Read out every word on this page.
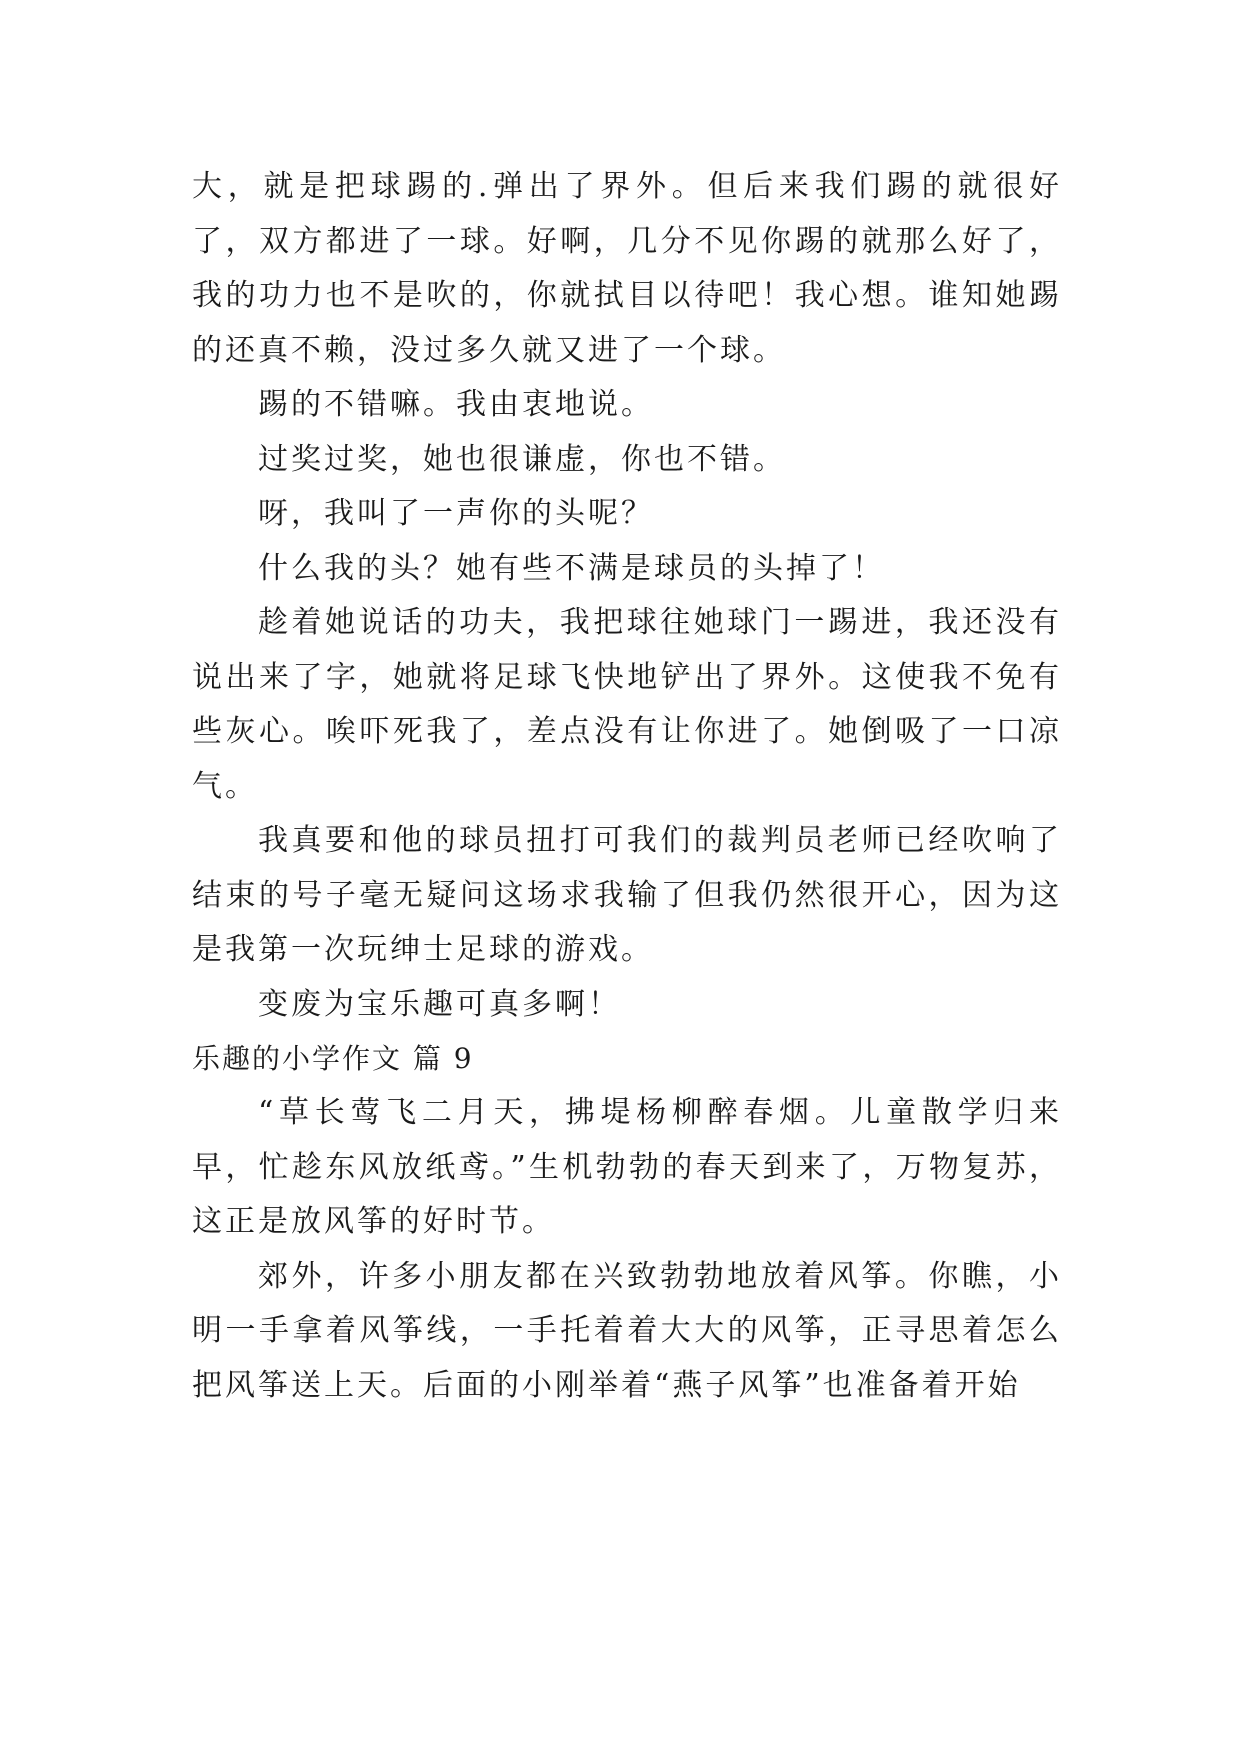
大，就是把球踢的.弹出了界外。但后来我们踢的就很好了，双方都进了一球。好啊，几分不见你踢的就那么好了，我的功力也不是吹的，你就拭目以待吧！我心想。谁知她踢的还真不赖，没过多久就又进了一个球。

踢的不错嘛。我由衷地说。

过奖过奖，她也很谦虚，你也不错。

呀，我叫了一声你的头呢？

什么我的头？她有些不满是球员的头掉了！

趁着她说话的功夫，我把球往她球门一踢进，我还没有说出来了字，她就将足球飞快地铲出了界外。这使我不免有些灰心。唉吓死我了，差点没有让你进了。她倒吸了一口凉气。

我真要和他的球员扭打可我们的裁判员老师已经吹响了结束的号子毫无疑问这场求我输了但我仍然很开心，因为这是我第一次玩绅士足球的游戏。

变废为宝乐趣可真多啊！

乐趣的小学作文 篇 9

“草长莺飞二月天，拂堤杨柳醉春烟。儿童散学归来早，忙趁东风放纸鸢。”生机勃勃的春天到来了，万物复苏，这正是放风筝的好时节。

郊外，许多小朋友都在兴致勃勃地放着风筝。你瞧，小明一手拿着风筝线，一手托着着大大的风筝，正寻思着怎么把风筝送上天。后面的小刚举着“燕子风筝”也准备着开始
